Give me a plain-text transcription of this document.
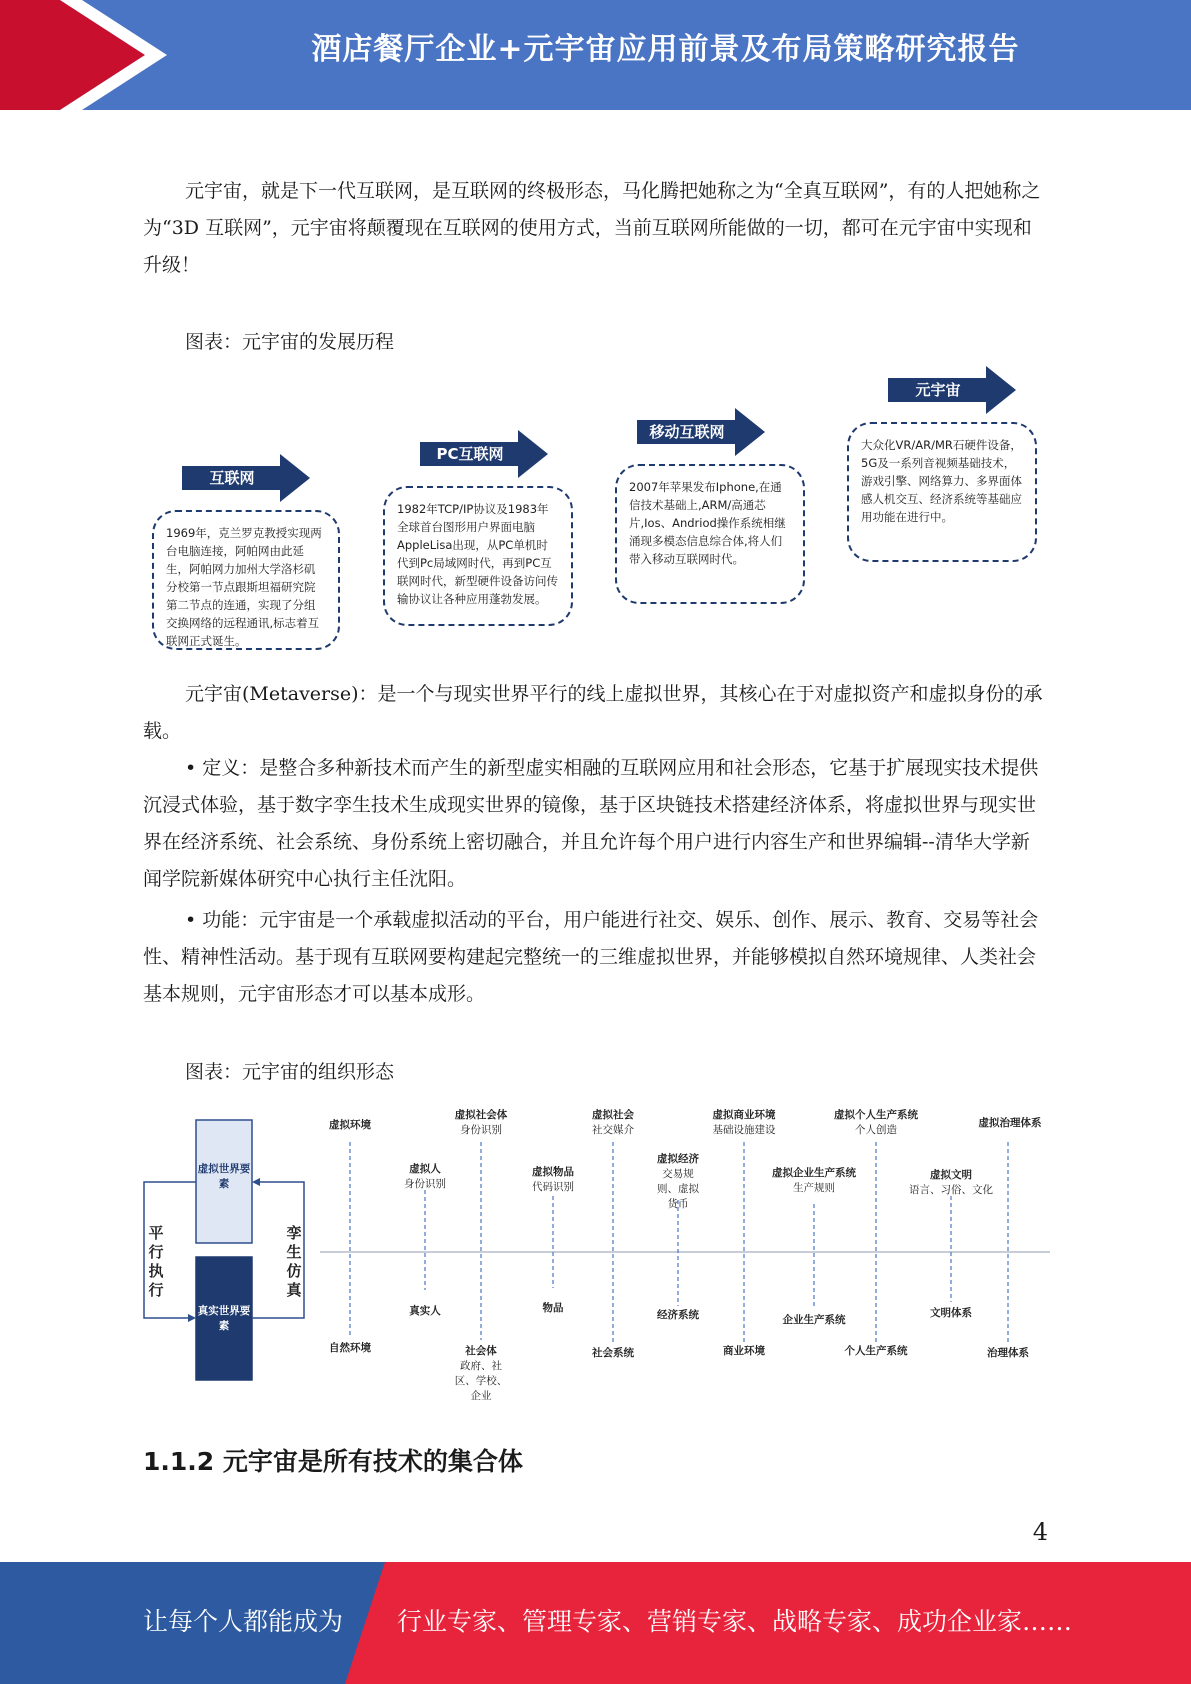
酒店餐厅企业+元宇宙应用前景及布局策略研究报告

元宇宙，就是下一代互联网，是互联网的终极形态，马化腾把她称之为“全真互联网”，有的人把她称之为“3D 互联网”，元宇宙将颠覆现在互联网的使用方式，当前互联网所能做的一切，都可在元宇宙中实现和升级！

图表：元宇宙的发展历程
互联网
1969年，克兰罗克教授实现两台电脑连接，阿帕网由此延生，阿帕网力加州大学洛杉矶分校第一节点跟斯坦福研究院第二节点的连通，实现了分组交换网络的远程通讯,标志着互联网正式诞生。
PC互联网
1982年TCP/IP协议及1983年全球首台图形用户界面电脑AppleLisa出现，从PC单机时代到Pc局域网时代，再到PC互联网时代，新型硬件设备访问传输协议让各种应用蓬勃发展。
移动互联网
2007年苹果发布Iphone,在通信技术基础上,ARM/高通芯片,Ios、Andriod操作系统相继涌现多模态信息综合体,将人们带入移动互联网时代。
元宇宙
大众化VR/AR/MR石硬件设备，5G及一系列音视频基础技术，游戏引擎、网络算力、多界面体感人机交互、经济系统等基础应用功能在进行中。

元宇宙(Metaverse)：是一个与现实世界平行的线上虚拟世界，其核心在于对虚拟资产和虚拟身份的承载。

• 定义：是整合多种新技术而产生的新型虚实相融的互联网应用和社会形态，它基于扩展现实技术提供沉浸式体验，基于数字孪生技术生成现实世界的镜像，基于区块链技术搭建经济体系，将虚拟世界与现实世界在经济系统、社会系统、身份系统上密切融合，并且允许每个用户进行内容生产和世界编辑--清华大学新闻学院新媒体研究中心执行主任沈阳。

• 功能：元宇宙是一个承载虚拟活动的平台，用户能进行社交、娱乐、创作、展示、教育、交易等社会性、精神性活动。基于现有互联网要构建起完整统一的三维虚拟世界，并能够模拟自然环境规律、人类社会基本规则，元宇宙形态才可以基本成形。

图表：元宇宙的组织形态
虚拟世界要素
真实世界要素
平行执行
孪生仿真
虚拟环境
虚拟人
身份识别
虚拟社会体
身份识别
虚拟物品
代码识别
虚拟社会
社交媒介
虚拟经济
交易规则、虚拟货币
虚拟商业环境
基础设施建设
虚拟企业生产系统
生产规则
虚拟个人生产系统
个人创造
虚拟文明
语言、习俗、文化
虚拟治理体系
自然环境
真实人
社会体
政府、社区、学校、企业
物品
社会系统
经济系统
商业环境
企业生产系统
个人生产系统
文明体系
治理体系
1.1.2 元宇宙是所有技术的集合体
4
让每个人都能成为 行业专家、管理专家、营销专家、战略专家、成功企业家……
